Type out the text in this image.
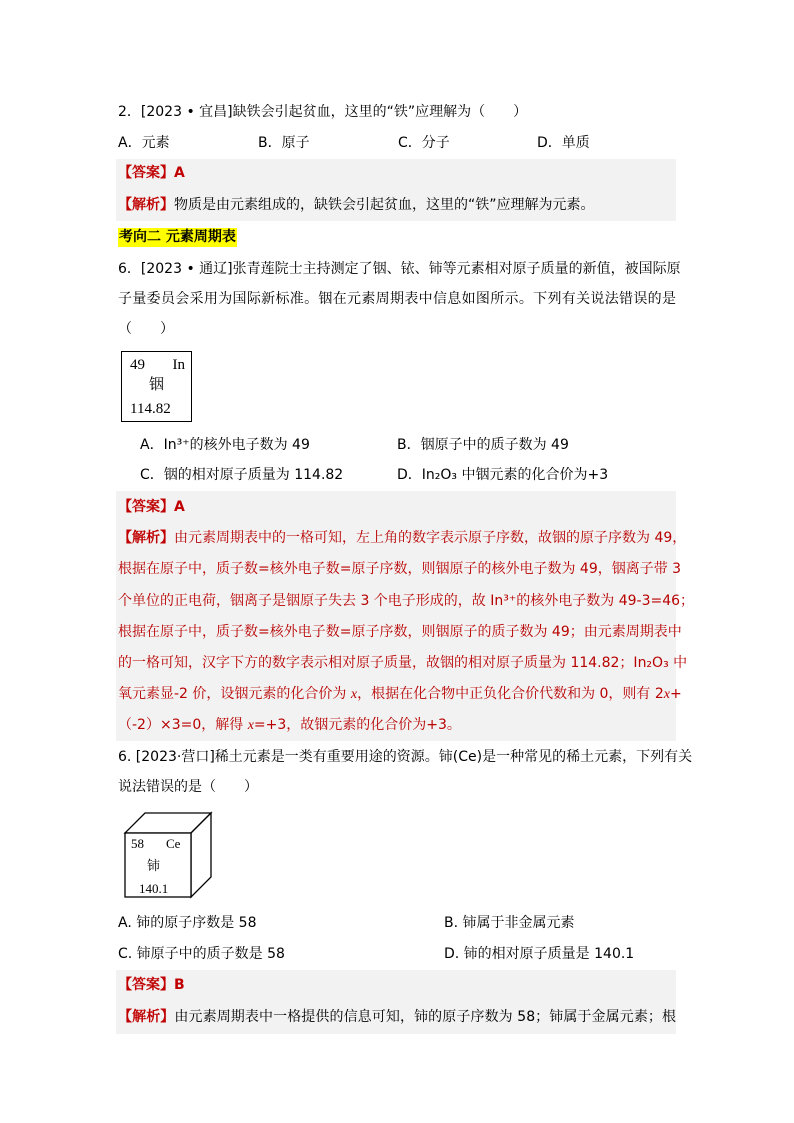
2．[2023 • 宜昌]缺铁会引起贫血，这里的“铁”应理解为（　　）
A．元素	B．原子	C．分子	D．单质
【答案】A
【解析】物质是由元素组成的，缺铁会引起贫血，这里的“铁”应理解为元素。
考向二 元素周期表
6．[2023 • 通辽]张青莲院士主持测定了铟、铱、铈等元素相对原子质量的新值，被国际原
子量委员会采用为国际新标准。铟在元素周期表中信息如图所示。下列有关说法错误的是
（　　）
49 In
铟
114.82
A．In³⁺的核外电子数为 49	B．铟原子中的质子数为 49
C．铟的相对原子质量为 114.82	D．In₂O₃ 中铟元素的化合价为+3
【答案】A
【解析】由元素周期表中的一格可知，左上角的数字表示原子序数，故铟的原子序数为 49，
根据在原子中，质子数=核外电子数=原子序数，则铟原子的核外电子数为 49，铟离子带 3
个单位的正电荷，铟离子是铟原子失去 3 个电子形成的，故 In³⁺的核外电子数为 49-3=46；
根据在原子中，质子数=核外电子数=原子序数，则铟原子的质子数为 49；由元素周期表中
的一格可知，汉字下方的数字表示相对原子质量，故铟的相对原子质量为 114.82；In₂O₃ 中
氧元素显-2 价，设铟元素的化合价为 x，根据在化合物中正负化合价代数和为 0，则有 2x+
（-2）×3=0，解得 x=+3，故铟元素的化合价为+3。
6. [2023·营口]稀土元素是一类有重要用途的资源。铈(Ce)是一种常见的稀土元素，下列有关
说法错误的是（　　）
58 Ce
铈
140.1
A. 铈的原子序数是 58	B. 铈属于非金属元素
C. 铈原子中的质子数是 58	D. 铈的相对原子质量是 140.1
【答案】B
【解析】由元素周期表中一格提供的信息可知，铈的原子序数为 58；铈属于金属元素；根
